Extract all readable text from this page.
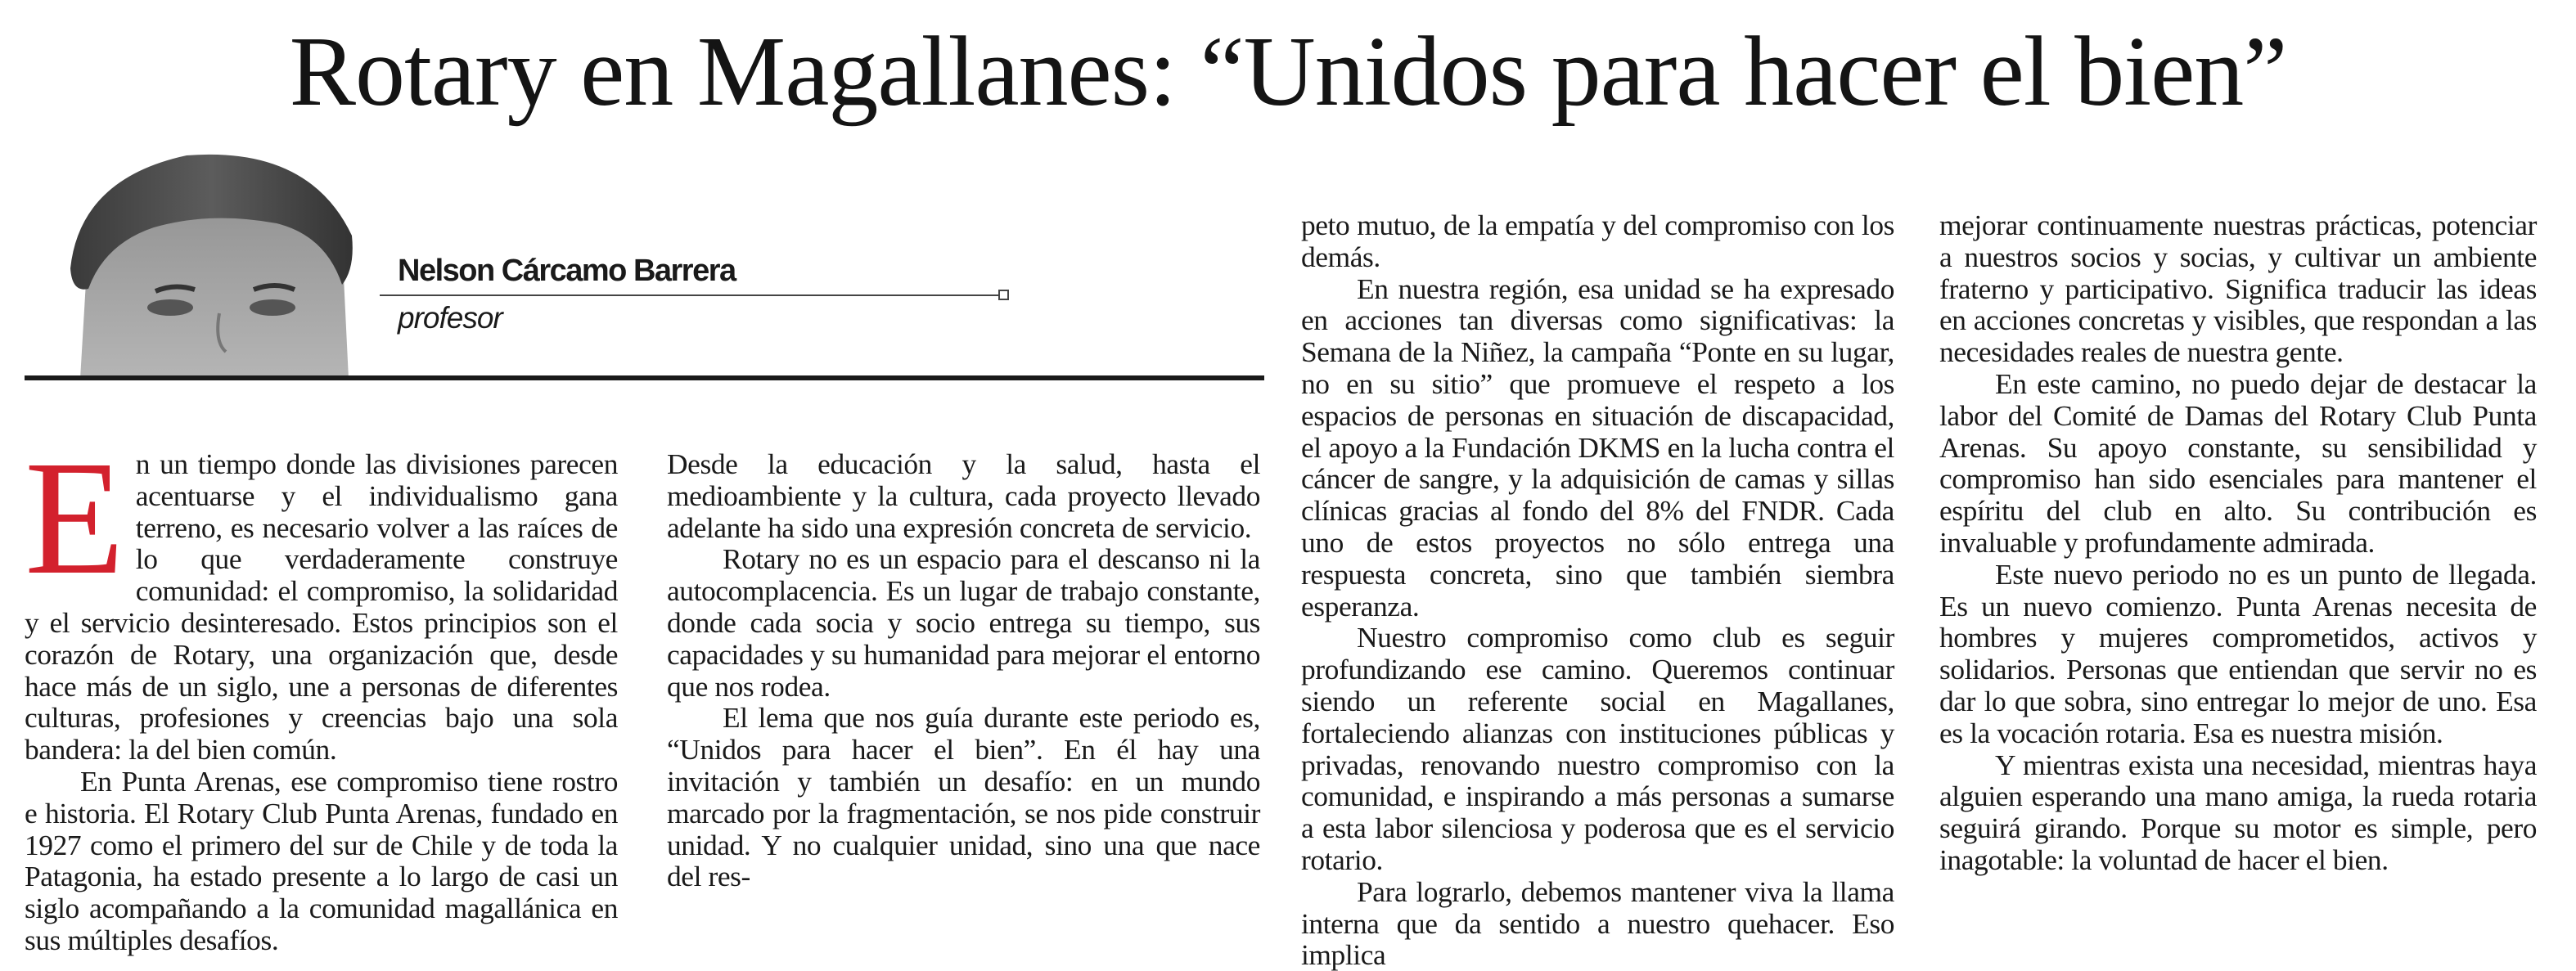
Rotary en Magallanes: “Unidos para hacer el bien”
Nelson Cárcamo Barrera
profesor

En un tiempo donde las divisiones parecen acentuarse y el individualismo gana terreno, es necesario volver a las raíces de lo que verdaderamente construye comunidad: el compromiso, la solidaridad y el servicio desinteresado. Estos principios son el corazón de Rotary, una organización que, desde hace más de un siglo, une a personas de diferentes culturas, profesiones y creencias bajo una sola bandera: la del bien común.

En Punta Arenas, ese compromiso tiene rostro e historia. El Rotary Club Punta Arenas, fundado en 1927 como el primero del sur de Chile y de toda la Patagonia, ha estado presente a lo largo de casi un siglo acompañando a la comunidad magallánica en sus múltiples desafíos.

Desde la educación y la salud, hasta el medioambiente y la cultura, cada proyecto llevado adelante ha sido una expresión concreta de servicio.

Rotary no es un espacio para el descanso ni la autocomplacencia. Es un lugar de trabajo constante, donde cada socia y socio entrega su tiempo, sus capacidades y su humanidad para mejorar el entorno que nos rodea.

El lema que nos guía durante este periodo es, “Unidos para hacer el bien”. En él hay una invitación y también un desafío: en un mundo marcado por la fragmentación, se nos pide construir unidad. Y no cualquier unidad, sino una que nace del res-

peto mutuo, de la empatía y del compromiso con los demás.

En nuestra región, esa unidad se ha expresado en acciones tan diversas como significativas: la Semana de la Niñez, la campaña “Ponte en su lugar, no en su sitio” que promueve el respeto a los espacios de personas en situación de discapacidad, el apoyo a la Fundación DKMS en la lucha contra el cáncer de sangre, y la adquisición de camas y sillas clínicas gracias al fondo del 8% del FNDR. Cada uno de estos proyectos no sólo entrega una respuesta concreta, sino que también siembra esperanza.

Nuestro compromiso como club es seguir profundizando ese camino. Queremos continuar siendo un referente social en Magallanes, fortaleciendo alianzas con instituciones públicas y privadas, renovando nuestro compromiso con la comunidad, e inspirando a más personas a sumarse a esta labor silenciosa y poderosa que es el servicio rotario.

Para lograrlo, debemos mantener viva la llama interna que da sentido a nuestro quehacer. Eso implica

mejorar continuamente nuestras prácticas, potenciar a nuestros socios y socias, y cultivar un ambiente fraterno y participativo. Significa traducir las ideas en acciones concretas y visibles, que respondan a las necesidades reales de nuestra gente.

En este camino, no puedo dejar de destacar la labor del Comité de Damas del Rotary Club Punta Arenas. Su apoyo constante, su sensibilidad y compromiso han sido esenciales para mantener el espíritu del club en alto. Su contribución es invaluable y profundamente admirada.

Este nuevo periodo no es un punto de llegada. Es un nuevo comienzo. Punta Arenas necesita de hombres y mujeres comprometidos, activos y solidarios. Personas que entiendan que servir no es dar lo que sobra, sino entregar lo mejor de uno. Esa es la vocación rotaria. Esa es nuestra misión.

Y mientras exista una necesidad, mientras haya alguien esperando una mano amiga, la rueda rotaria seguirá girando. Porque su motor es simple, pero inagotable: la voluntad de hacer el bien.
